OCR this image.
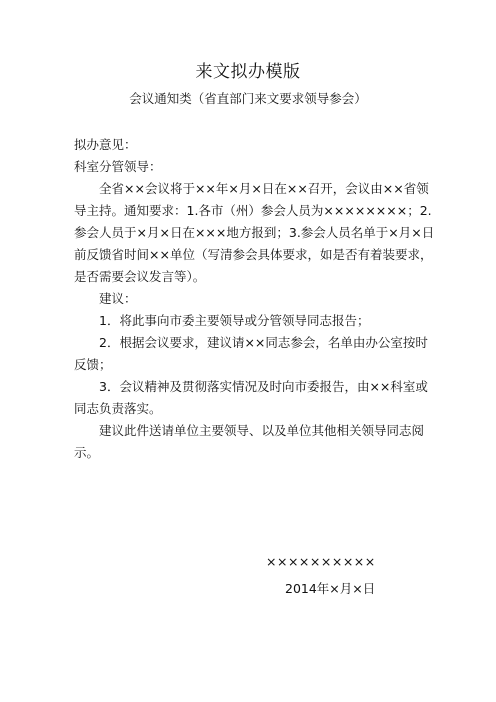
来文拟办模版
会议通知类（省直部门来文要求领导参会）

拟办意见：

科室分管领导：

全省××会议将于××年×月×日在××召开，会议由××省领导主持。通知要求：1.各市（州）参会人员为××××××××；2.参会人员于×月×日在×××地方报到；3.参会人员名单于×月×日前反馈省时间××单位（写清参会具体要求，如是否有着装要求，是否需要会议发言等）。

建议：

1．将此事向市委主要领导或分管领导同志报告；

2．根据会议要求，建议请××同志参会，名单由办公室按时反馈；

3．会议精神及贯彻落实情况及时向市委报告，由××科室或同志负责落实。

建议此件送请单位主要领导、以及单位其他相关领导同志阅示。

××××××××××
2014年×月×日
